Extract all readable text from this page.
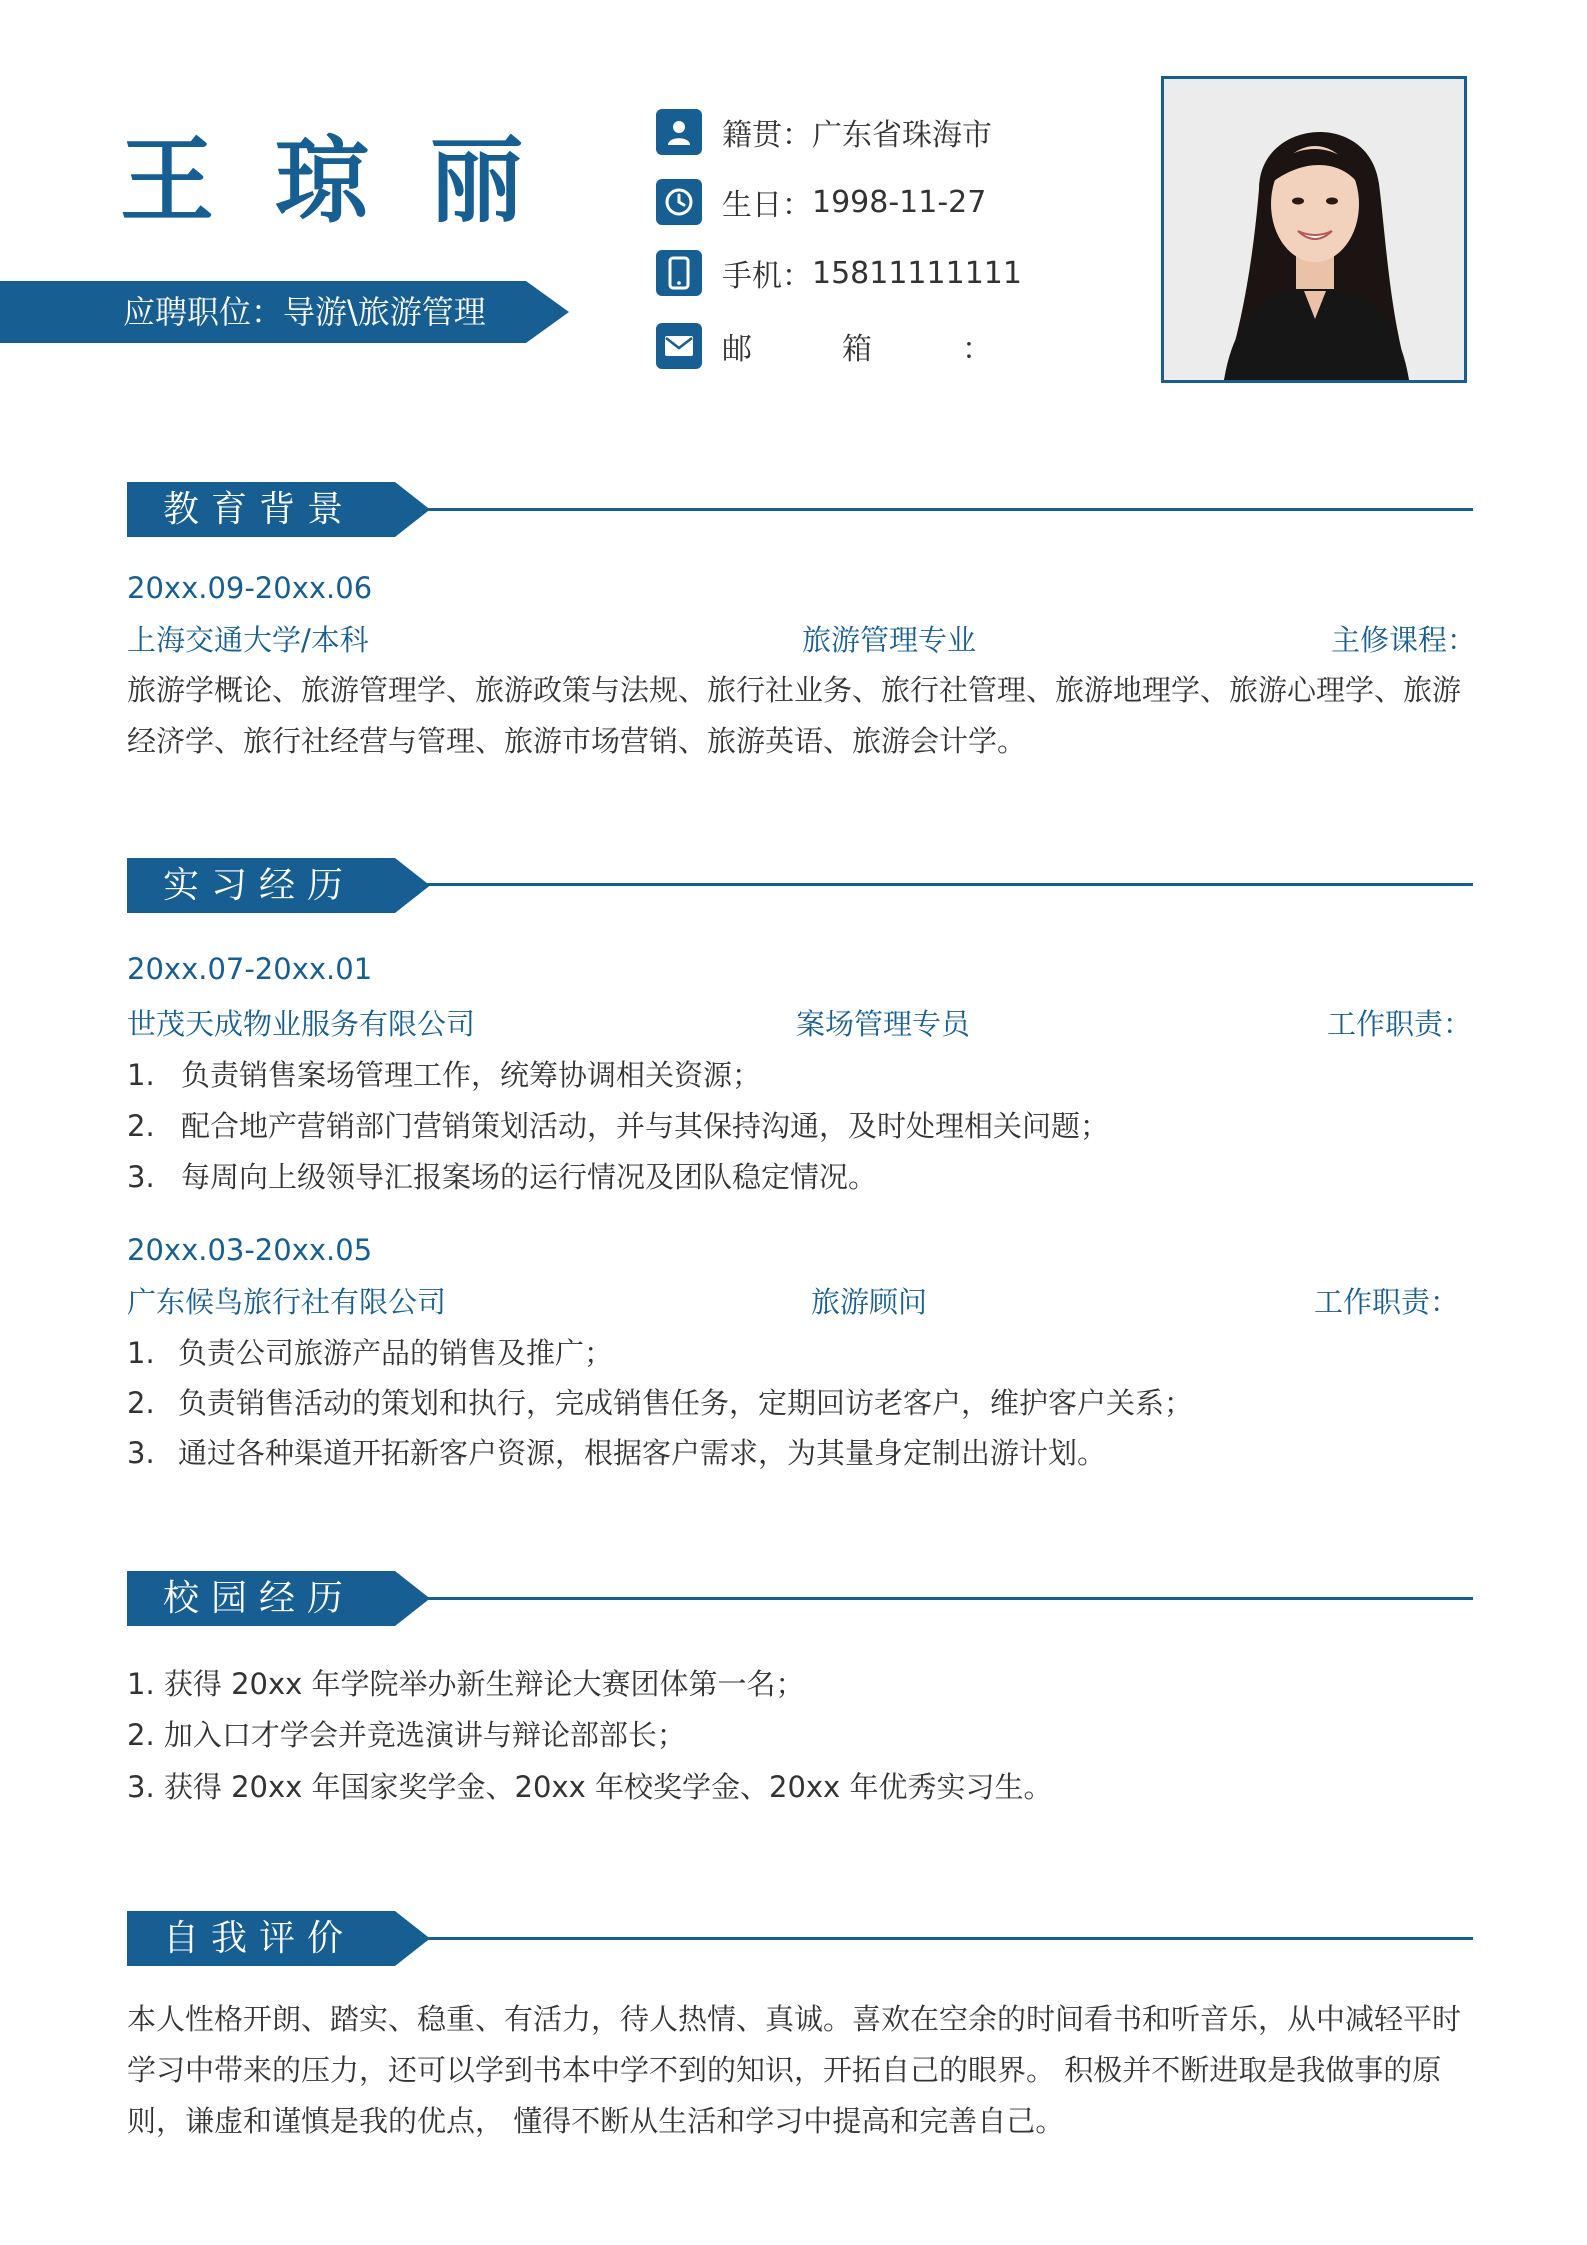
王 琼 丽
应聘职位：导游\旅游管理
籍贯： 广东省珠海市
生日： 1998-11-27
手机： 15811111111
邮　　　箱　　　：
教育背景
20xx.09-20xx.06
上海交通大学/本科	旅游管理专业	主修课程：
旅游学概论、旅游管理学、旅游政策与法规、旅行社业务、旅行社管理、旅游地理学、旅游心理学、旅游经济学、旅行社经营与管理、旅游市场营销、旅游英语、旅游会计学。
实习经历
20xx.07-20xx.01
世茂天成物业服务有限公司	案场管理专员	工作职责：
1. 负责销售案场管理工作，统筹协调相关资源；
2. 配合地产营销部门营销策划活动，并与其保持沟通，及时处理相关问题；
3. 每周向上级领导汇报案场的运行情况及团队稳定情况。
20xx.03-20xx.05
广东候鸟旅行社有限公司	旅游顾问	工作职责：
1. 负责公司旅游产品的销售及推广；
2. 负责销售活动的策划和执行，完成销售任务，定期回访老客户，维护客户关系；
3. 通过各种渠道开拓新客户资源，根据客户需求，为其量身定制出游计划。
校园经历
1. 获得 20xx 年学院举办新生辩论大赛团体第一名；
2. 加入口才学会并竞选演讲与辩论部部长；
3. 获得 20xx 年国家奖学金、20xx 年校奖学金、20xx 年优秀实习生。
自我评价
本人性格开朗、踏实、稳重、有活力，待人热情、真诚。喜欢在空余的时间看书和听音乐，从中减轻平时学习中带来的压力，还可以学到书本中学不到的知识，开拓自己的眼界。 积极并不断进取是我做事的原则，谦虚和谨慎是我的优点， 懂得不断从生活和学习中提高和完善自己。
